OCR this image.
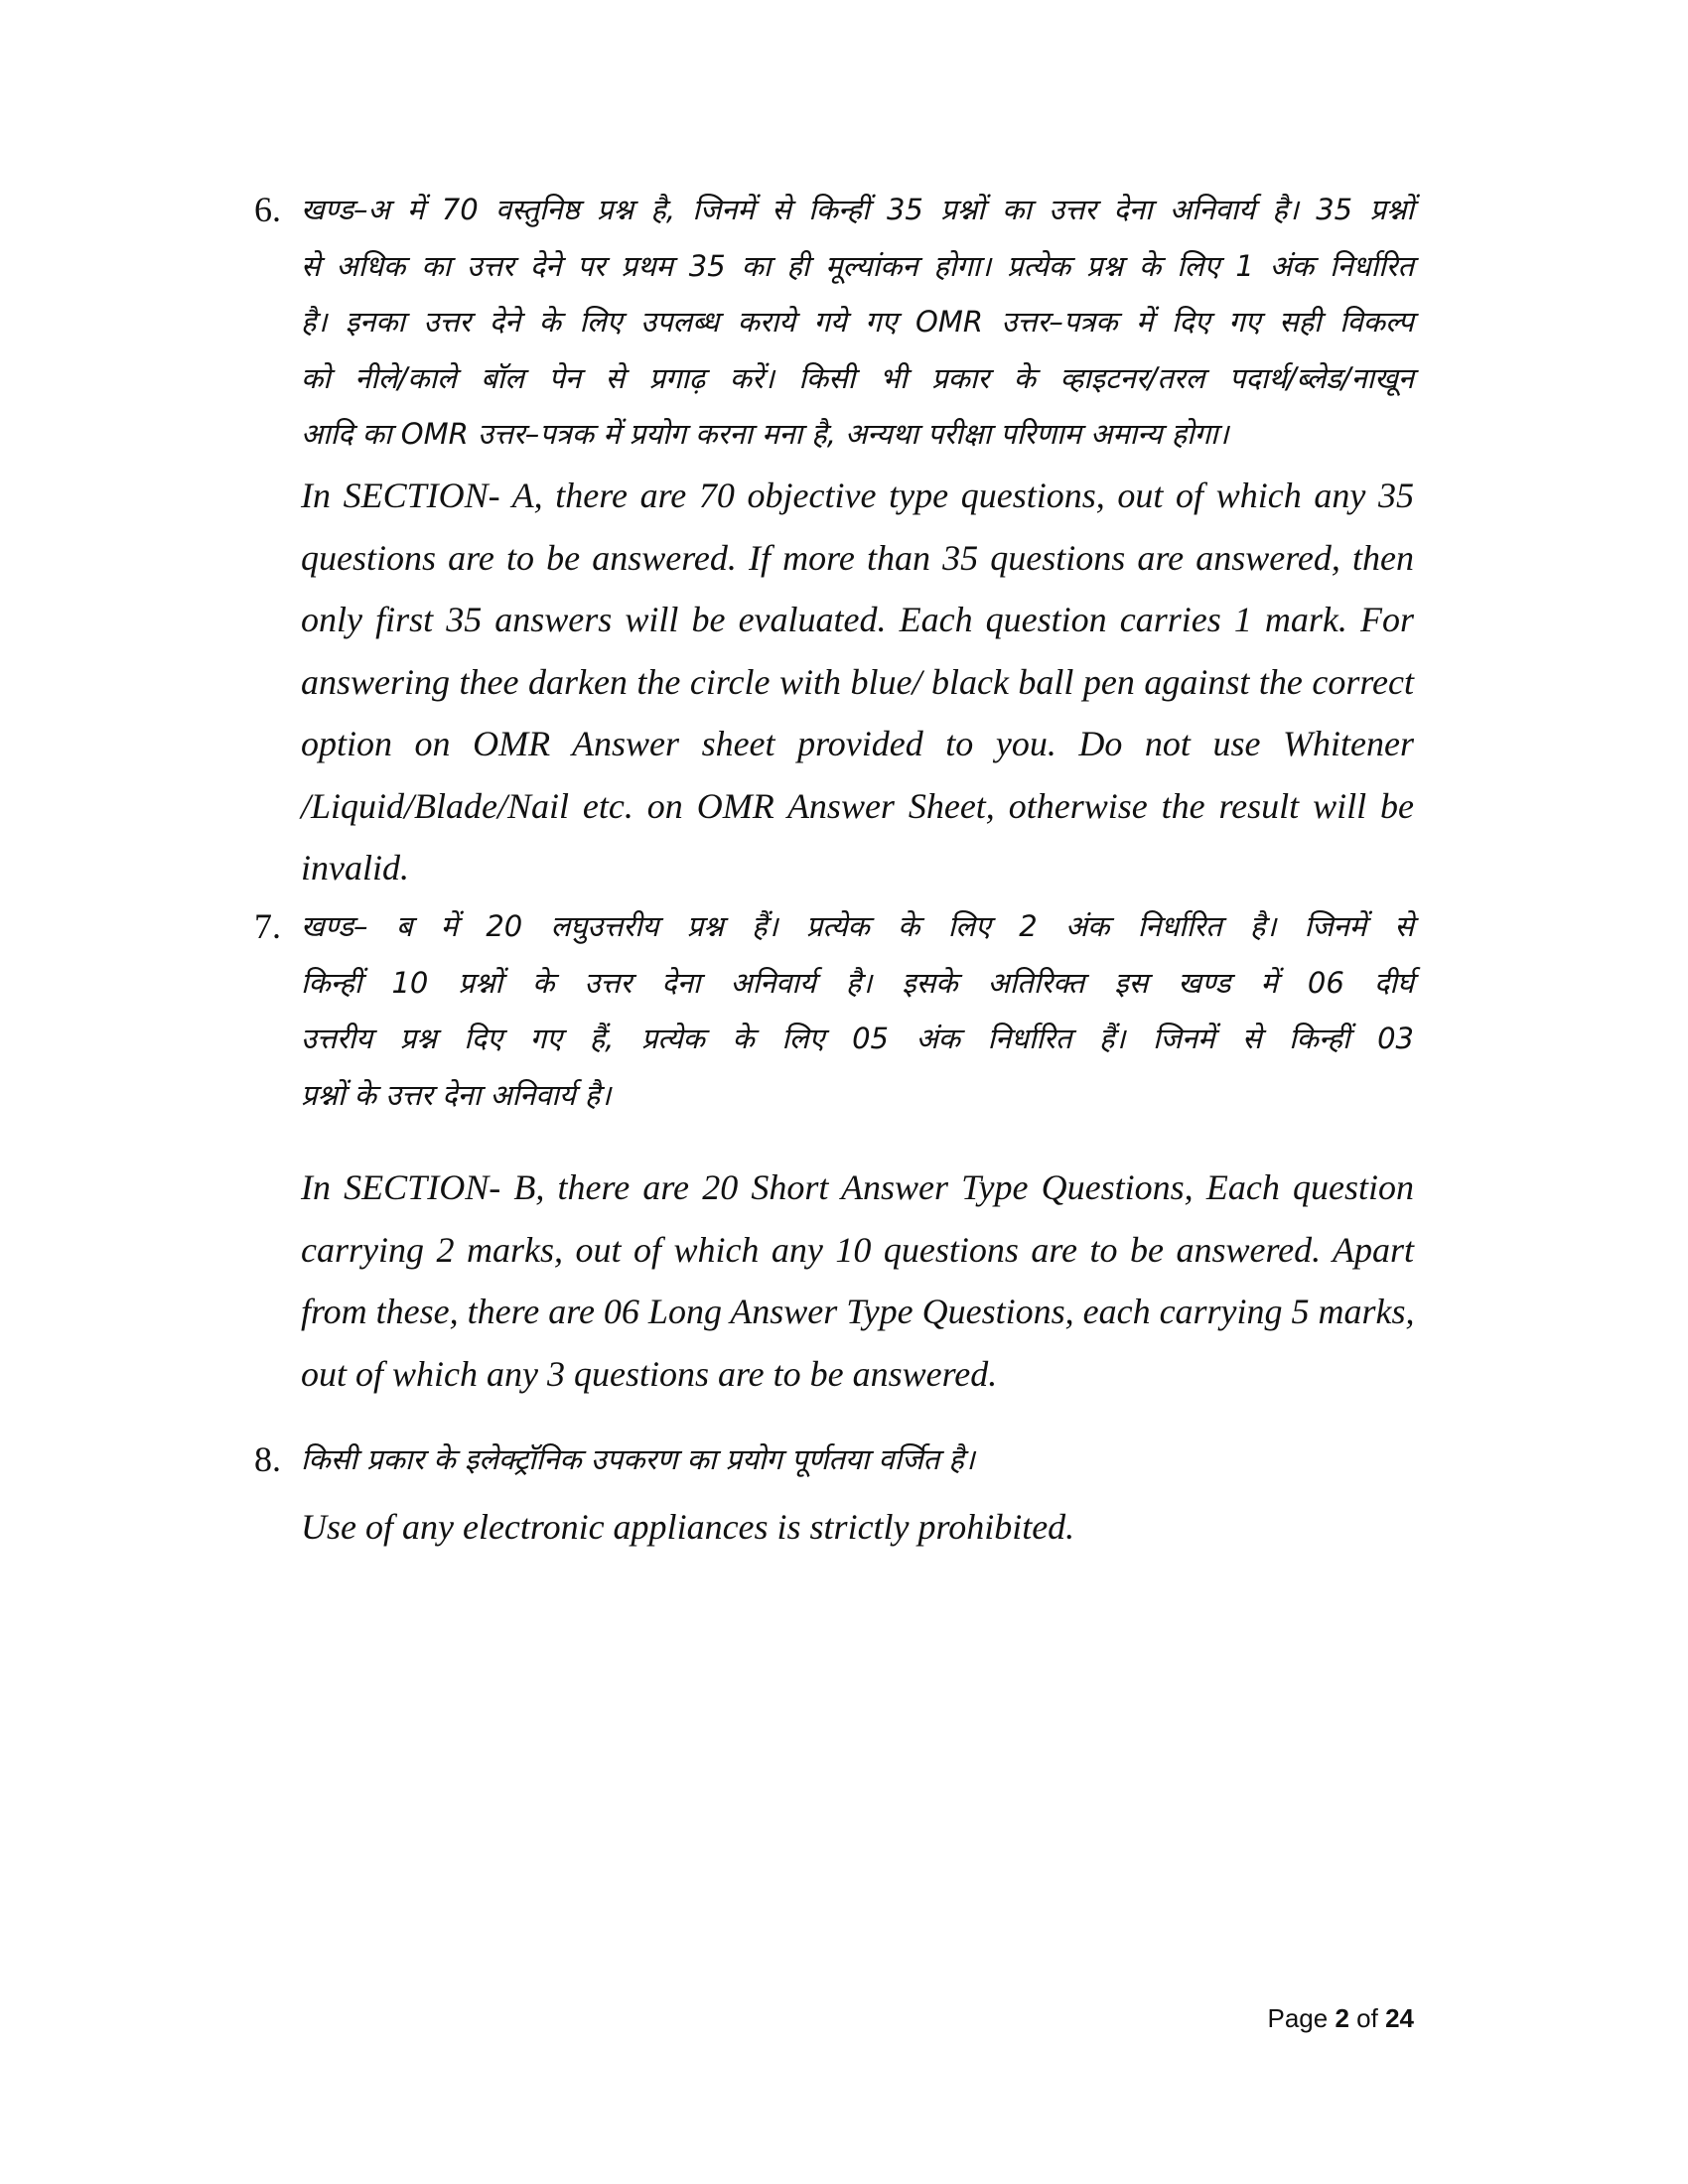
6. खण्ड–अ में 70 वस्तुनिष्ठ प्रश्न है, जिनमें से किन्हीं 35 प्रश्नों का उत्तर देना अनिवार्य है। 35 प्रश्नों
से अधिक का उत्तर देने पर प्रथम 35 का ही मूल्यांकन होगा। प्रत्येक प्रश्न के लिए 1 अंक निर्धारित
है। इनका उत्तर देने के लिए उपलब्ध कराये गये गए OMR उत्तर–पत्रक में दिए गए सही विकल्प
को नीले/काले बॉल पेन से प्रगाढ़ करें। किसी भी प्रकार के व्हाइटनर/तरल पदार्थ/ब्लेड/नाखून
आदि का OMR उत्तर–पत्रक में प्रयोग करना मना है, अन्यथा परीक्षा परिणाम अमान्य होगा।
In SECTION- A, there are 70 objective type questions, out of which any 35
questions are to be answered. If more than 35 questions are answered, then
only first 35 answers will be evaluated. Each question carries 1 mark. For
answering thee darken the circle with blue/ black ball pen against the correct
option on OMR Answer sheet provided to you. Do not use Whitener
/Liquid/Blade/Nail etc. on OMR Answer Sheet, otherwise the result will be
invalid.
7. खण्ड– ब में 20 लघुउत्तरीय प्रश्न हैं। प्रत्येक के लिए 2 अंक निर्धारित है। जिनमें से
किन्हीं 10 प्रश्नों के उत्तर देना अनिवार्य है। इसके अतिरिक्त इस खण्ड में 06 दीर्घ
उत्तरीय प्रश्न दिए गए हैं, प्रत्येक के लिए 05 अंक निर्धारित हैं। जिनमें से किन्हीं 03
प्रश्नों के उत्तर देना अनिवार्य है।
In SECTION- B, there are 20 Short Answer Type Questions, Each question
carrying 2 marks, out of which any 10 questions are to be answered. Apart
from these, there are 06 Long Answer Type Questions, each carrying 5 marks,
out of which any 3 questions are to be answered.
8. किसी प्रकार के इलेक्ट्रॉनिक उपकरण का प्रयोग पूर्णतया वर्जित है।
Use of any electronic appliances is strictly prohibited.
Page 2 of 24
